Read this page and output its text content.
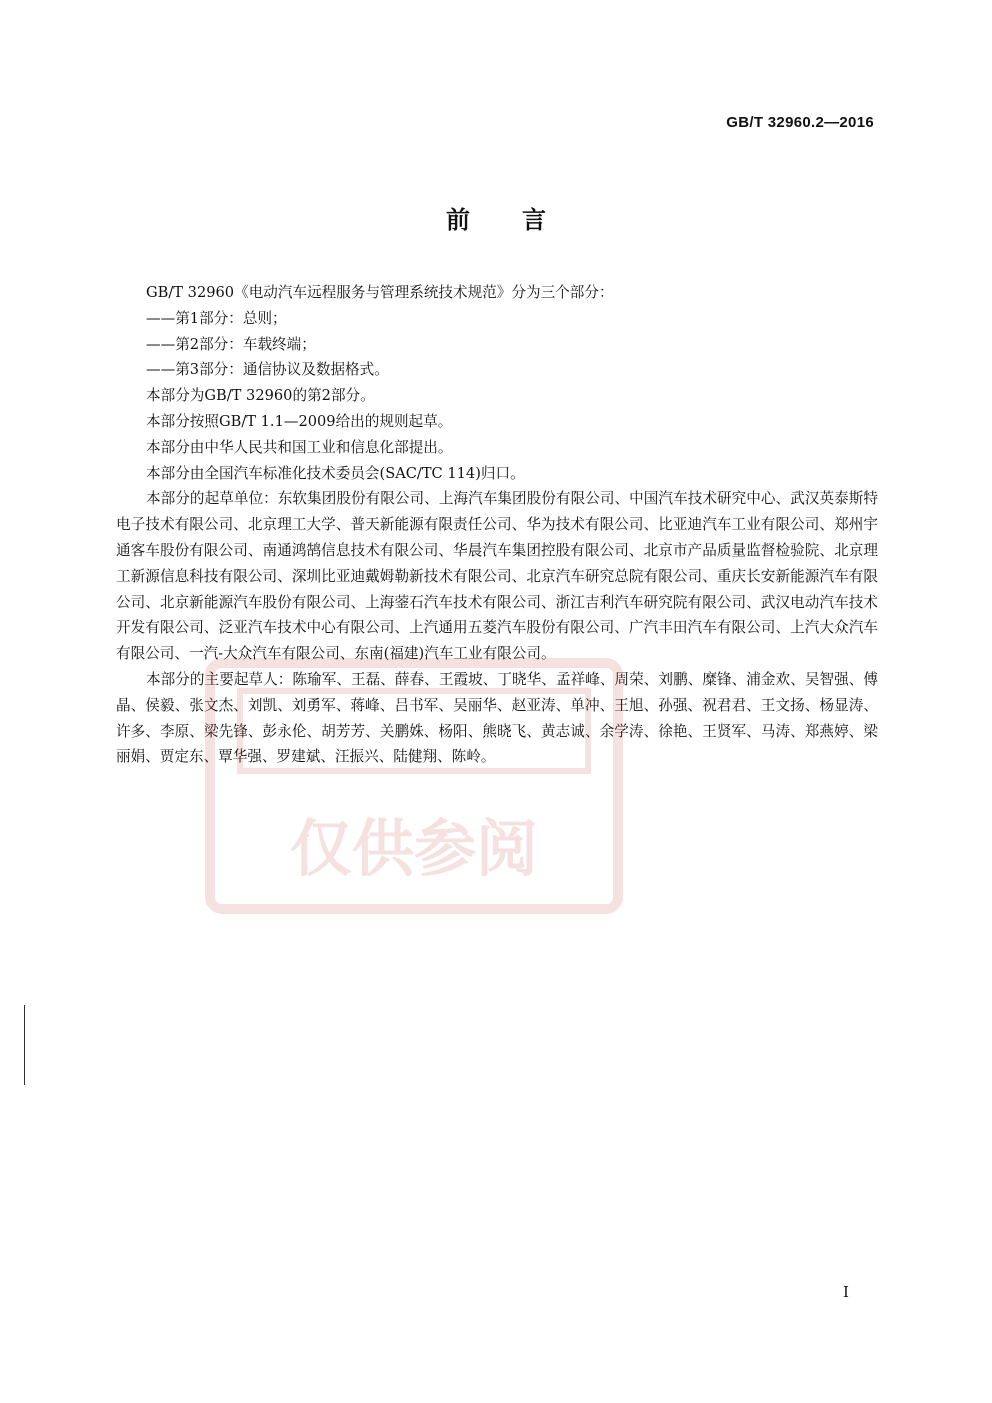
GB/T 32960.2—2016
前言

GB/T 32960《电动汽车远程服务与管理系统技术规范》分为三个部分：

——第1部分：总则；

——第2部分：车载终端；

——第3部分：通信协议及数据格式。

本部分为GB/T 32960的第2部分。

本部分按照GB/T 1.1—2009给出的规则起草。

本部分由中华人民共和国工业和信息化部提出。

本部分由全国汽车标准化技术委员会(SAC/TC 114)归口。

本部分的起草单位：东软集团股份有限公司、上海汽车集团股份有限公司、中国汽车技术研究中心、武汉英泰斯特电子技术有限公司、北京理工大学、普天新能源有限责任公司、华为技术有限公司、比亚迪汽车工业有限公司、郑州宇通客车股份有限公司、南通鸿鹄信息技术有限公司、华晨汽车集团控股有限公司、北京市产品质量监督检验院、北京理工新源信息科技有限公司、深圳比亚迪戴姆勒新技术有限公司、北京汽车研究总院有限公司、重庆长安新能源汽车有限公司、北京新能源汽车股份有限公司、上海蓥石汽车技术有限公司、浙江吉利汽车研究院有限公司、武汉电动汽车技术开发有限公司、泛亚汽车技术中心有限公司、上汽通用五菱汽车股份有限公司、广汽丰田汽车有限公司、上汽大众汽车有限公司、一汽-大众汽车有限公司、东南(福建)汽车工业有限公司。

本部分的主要起草人：陈瑜军、王磊、薛春、王霞坡、丁晓华、孟祥峰、周荣、刘鹏、糜锋、浦金欢、吴智强、傅晶、侯毅、张文杰、刘凯、刘勇军、蒋峰、吕书军、吴丽华、赵亚涛、单冲、王旭、孙强、祝君君、王文扬、杨显涛、许多、李原、梁先锋、彭永伦、胡芳芳、关鹏姝、杨阳、熊晓飞、黄志诚、余学涛、徐艳、王贤军、马涛、郑燕婷、梁丽娟、贾定东、覃华强、罗建斌、汪振兴、陆健翔、陈岭。

仅供参阅
I
